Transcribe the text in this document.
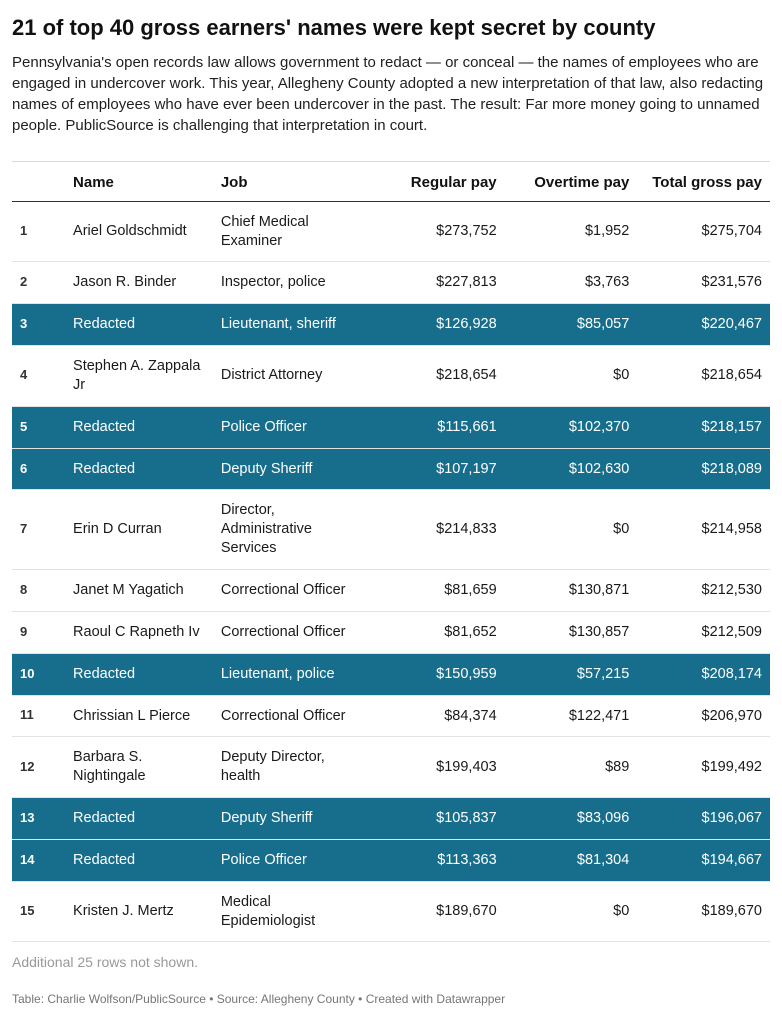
21 of top 40 gross earners' names were kept secret by county

Pennsylvania's open records law allows government to redact — or conceal — the names of employees who are engaged in undercover work. This year, Allegheny County adopted a new interpretation of that law, also redacting names of employees who have ever been undercover in the past. The result: Far more money going to unnamed people. PublicSource is challenging that interpretation in court.

	Name	Job	Regular pay	Overtime pay	Total gross pay
1	Ariel Goldschmidt	Chief Medical Examiner	$273,752	$1,952	$275,704
2	Jason R. Binder	Inspector, police	$227,813	$3,763	$231,576
3	Redacted	Lieutenant, sheriff	$126,928	$85,057	$220,467
4	Stephen A. Zappala Jr	District Attorney	$218,654	$0	$218,654
5	Redacted	Police Officer	$115,661	$102,370	$218,157
6	Redacted	Deputy Sheriff	$107,197	$102,630	$218,089
7	Erin D Curran	Director, Administrative Services	$214,833	$0	$214,958
8	Janet M Yagatich	Correctional Officer	$81,659	$130,871	$212,530
9	Raoul C Rapneth Iv	Correctional Officer	$81,652	$130,857	$212,509
10	Redacted	Lieutenant, police	$150,959	$57,215	$208,174
11	Chrissian L Pierce	Correctional Officer	$84,374	$122,471	$206,970
12	Barbara S. Nightingale	Deputy Director, health	$199,403	$89	$199,492
13	Redacted	Deputy Sheriff	$105,837	$83,096	$196,067
14	Redacted	Police Officer	$113,363	$81,304	$194,667
15	Kristen J. Mertz	Medical Epidemiologist	$189,670	$0	$189,670

Additional 25 rows not shown.

Table: Charlie Wolfson/PublicSource • Source: Allegheny County • Created with Datawrapper
